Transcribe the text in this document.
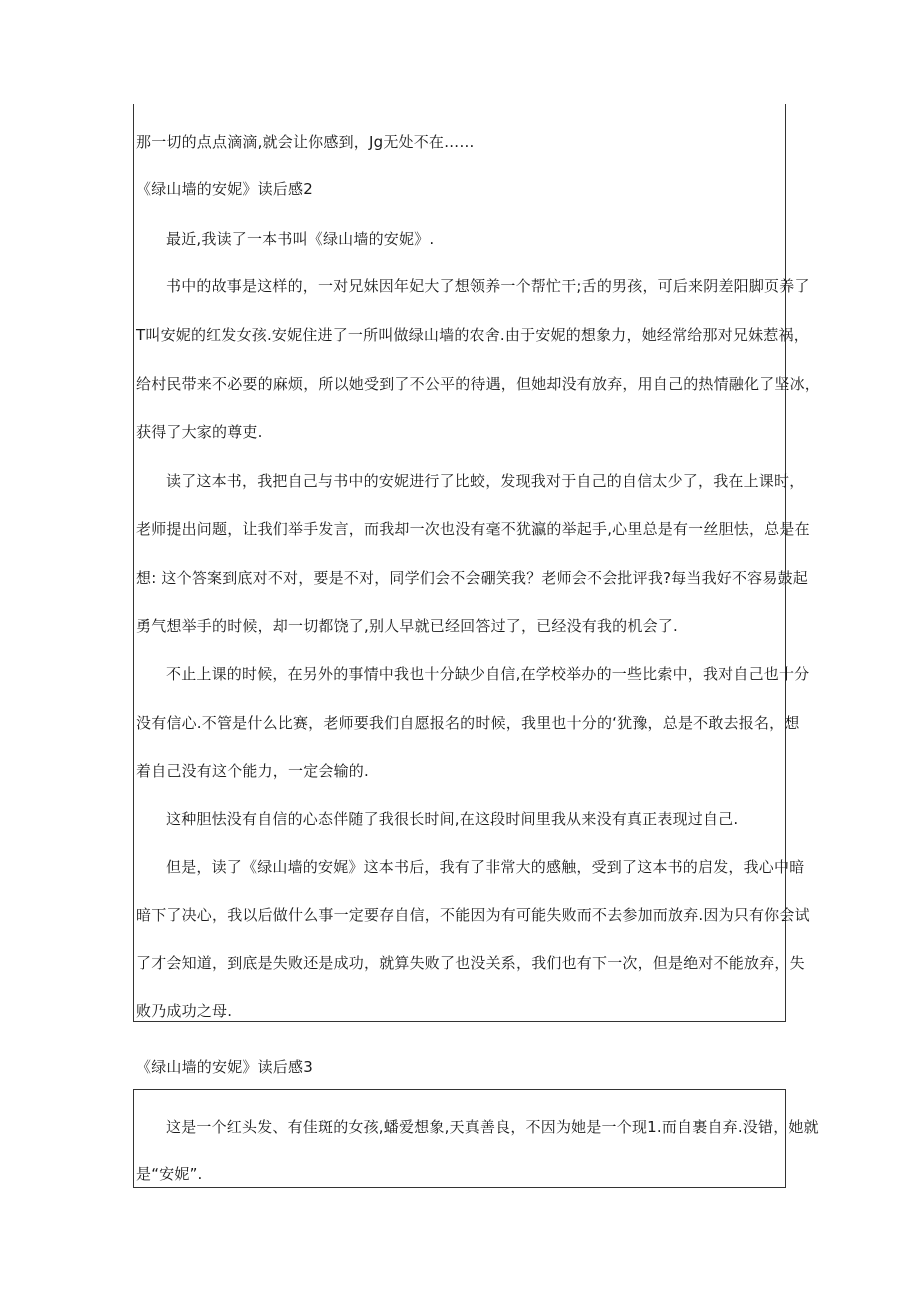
那一切的点点滴滴,就会让你感到，Jg无处不在……

《绿山墙的安妮》读后感2

最近,我读了一本书叫《绿山墙的安妮》.

书中的故事是这样的，一对兄妹因年妃大了想领养一个帮忙干;舌的男孩，可后来阴差阳脚页养了

T叫安妮的红发女孩.安妮住进了一所叫做绿山墙的农舍.由于安妮的想象力，她经常给那对兄妹惹祸，

给村民带来不必要的麻烦，所以她受到了不公平的待遇，但她却没有放弃，用自己的热情融化了坚冰，

获得了大家的尊吏.

读了这本书，我把自己与书中的安妮进行了比蛟，发现我对于自己的自信太少了，我在上课时，

老师提出问题，让我们举手发言，而我却一次也没有毫不犹瀛的举起手,心里总是有一丝胆怯，总是在

想: 这个答案到底对不对，要是不对，同学们会不会硼笑我？老师会不会批评我?每当我好不容易鼓起

勇气想举手的时候，却一切都饶了,别人早就已经回答过了，已经没有我的机会了.

不止上课的时候，在另外的事情中我也十分缺少自信,在学校举办的一些比索中，我对自己也十分

没有信心.不管是什么比赛，老师要我们自愿报名的时候，我里也十分的‘犹豫，总是不敢去报名，想

着自己没有这个能力，一定会输的.

这种胆怯没有自信的心态伴随了我很长时间,在这段时间里我从来没有真正表现过自己.

但是，读了《绿山墙的安娓》这本书后，我有了非常大的感触，受到了这本书的启发，我心中暗

暗下了决心，我以后做什么事一定要存自信，不能因为有可能失败而不去参加而放弃.因为只有你会试

了才会知道，到底是失败还是成功，就算失败了也没关系，我们也有下一次，但是绝对不能放弃，失

败乃成功之母.

《绿山墙的安妮》读后感3

这是一个红头发、有佳斑的女孩,蟠爱想象,天真善良，不因为她是一个现1.而自裹自弃.没错，她就

是“安妮”.
